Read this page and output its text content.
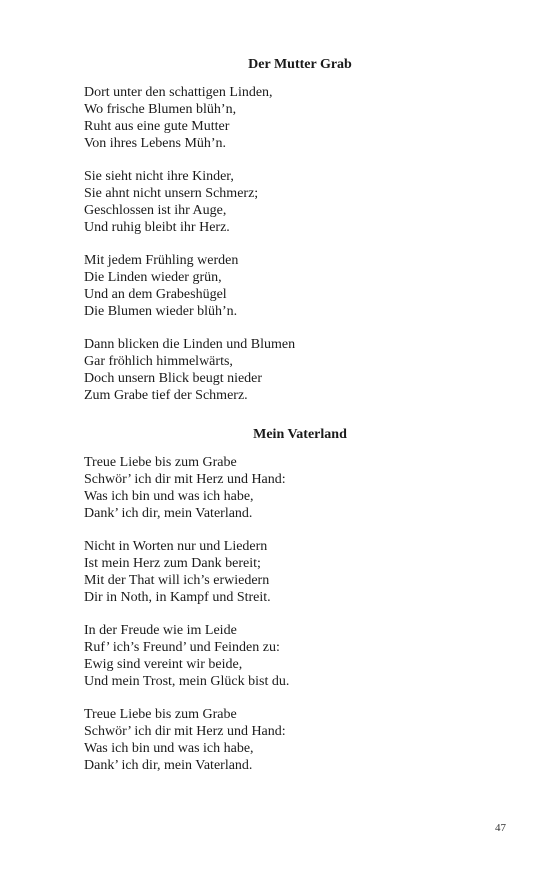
Der Mutter Grab
Dort unter den schattigen Linden,
Wo frische Blumen blüh’n,
Ruht aus eine gute Mutter
Von ihres Lebens Müh’n.
Sie sieht nicht ihre Kinder,
Sie ahnt nicht unsern Schmerz;
Geschlossen ist ihr Auge,
Und ruhig bleibt ihr Herz.
Mit jedem Frühling werden
Die Linden wieder grün,
Und an dem Grabeshügel
Die Blumen wieder blüh’n.
Dann blicken die Linden und Blumen
Gar fröhlich himmelwärts,
Doch unsern Blick beugt nieder
Zum Grabe tief der Schmerz.
Mein Vaterland
Treue Liebe bis zum Grabe
Schwör’ ich dir mit Herz und Hand:
Was ich bin und was ich habe,
Dank’ ich dir, mein Vaterland.
Nicht in Worten nur und Liedern
Ist mein Herz zum Dank bereit;
Mit der That will ich’s erwiedern
Dir in Noth, in Kampf und Streit.
In der Freude wie im Leide
Ruf’ ich’s Freund’ und Feinden zu:
Ewig sind vereint wir beide,
Und mein Trost, mein Glück bist du.
Treue Liebe bis zum Grabe
Schwör’ ich dir mit Herz und Hand:
Was ich bin und was ich habe,
Dank’ ich dir, mein Vaterland.
47
